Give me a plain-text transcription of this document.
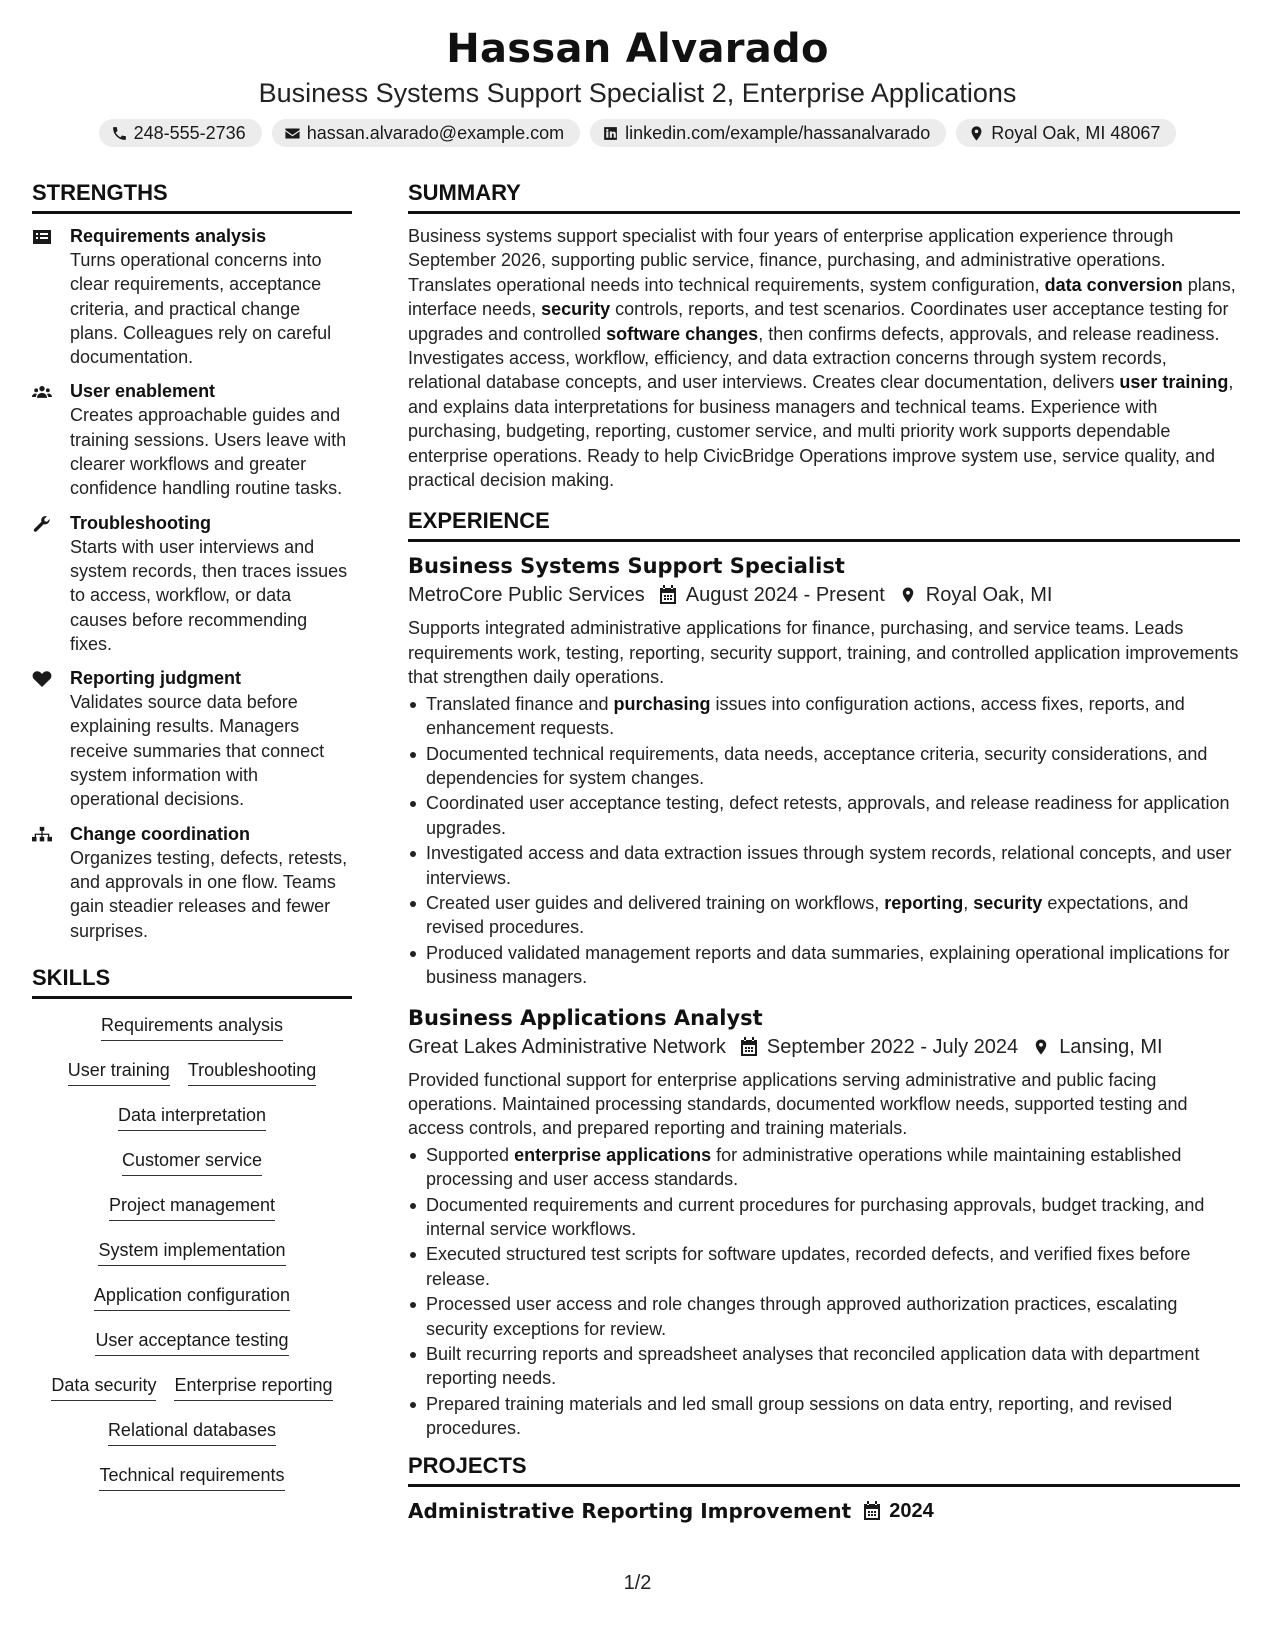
Hassan Alvarado
Business Systems Support Specialist 2, Enterprise Applications
248-555-2736	hassan.alvarado@example.com	linkedin.com/example/hassanalvarado	Royal Oak, MI 48067
STRENGTHS
Requirements analysis
Turns operational concerns into clear requirements, acceptance criteria, and practical change plans. Colleagues rely on careful documentation.
User enablement
Creates approachable guides and training sessions. Users leave with clearer workflows and greater confidence handling routine tasks.
Troubleshooting
Starts with user interviews and system records, then traces issues to access, workflow, or data causes before recommending fixes.
Reporting judgment
Validates source data before explaining results. Managers receive summaries that connect system information with operational decisions.
Change coordination
Organizes testing, defects, retests, and approvals in one flow. Teams gain steadier releases and fewer surprises.
SKILLS
Requirements analysis
User training Troubleshooting
Data interpretation
Customer service
Project management
System implementation
Application configuration
User acceptance testing
Data security Enterprise reporting
Relational databases
Technical requirements
SUMMARY
Business systems support specialist with four years of enterprise application experience through September 2026, supporting public service, finance, purchasing, and administrative operations. Translates operational needs into technical requirements, system configuration, data conversion plans, interface needs, security controls, reports, and test scenarios. Coordinates user acceptance testing for upgrades and controlled software changes, then confirms defects, approvals, and release readiness. Investigates access, workflow, efficiency, and data extraction concerns through system records, relational database concepts, and user interviews. Creates clear documentation, delivers user training, and explains data interpretations for business managers and technical teams. Experience with purchasing, budgeting, reporting, customer service, and multi priority work supports dependable enterprise operations. Ready to help CivicBridge Operations improve system use, service quality, and practical decision making.
EXPERIENCE
Business Systems Support Specialist
MetroCore Public Services August 2024 - Present Royal Oak, MI
Supports integrated administrative applications for finance, purchasing, and service teams. Leads requirements work, testing, reporting, security support, training, and controlled application improvements that strengthen daily operations.
Translated finance and purchasing issues into configuration actions, access fixes, reports, and enhancement requests.
Documented technical requirements, data needs, acceptance criteria, security considerations, and dependencies for system changes.
Coordinated user acceptance testing, defect retests, approvals, and release readiness for application upgrades.
Investigated access and data extraction issues through system records, relational concepts, and user interviews.
Created user guides and delivered training on workflows, reporting, security expectations, and revised procedures.
Produced validated management reports and data summaries, explaining operational implications for business managers.
Business Applications Analyst
Great Lakes Administrative Network September 2022 - July 2024 Lansing, MI
Provided functional support for enterprise applications serving administrative and public facing operations. Maintained processing standards, documented workflow needs, supported testing and access controls, and prepared reporting and training materials.
Supported enterprise applications for administrative operations while maintaining established processing and user access standards.
Documented requirements and current procedures for purchasing approvals, budget tracking, and internal service workflows.
Executed structured test scripts for software updates, recorded defects, and verified fixes before release.
Processed user access and role changes through approved authorization practices, escalating security exceptions for review.
Built recurring reports and spreadsheet analyses that reconciled application data with department reporting needs.
Prepared training materials and led small group sessions on data entry, reporting, and revised procedures.
PROJECTS
Administrative Reporting Improvement 2024
1/2
